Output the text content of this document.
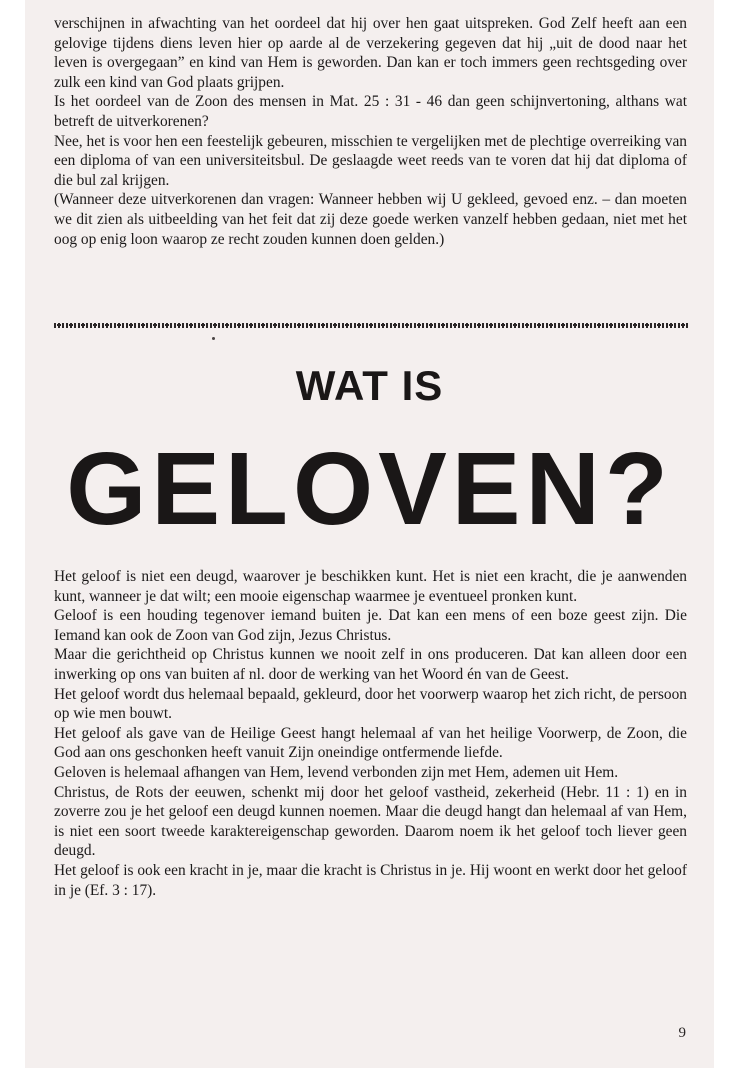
verschijnen in afwachting van het oordeel dat hij over hen gaat uitspreken. God Zelf heeft aan een gelovige tijdens diens leven hier op aarde al de verzekering gegeven dat hij „uit de dood naar het leven is overgegaan” en kind van Hem is geworden. Dan kan er toch immers geen rechtsgeding over zulk een kind van God plaats grijpen.

Is het oordeel van de Zoon des mensen in Mat. 25 : 31 - 46 dan geen schijnvertoning, althans wat betreft de uitverkorenen?

Nee, het is voor hen een feestelijk gebeuren, misschien te vergelijken met de plechtige overreiking van een diploma of van een universiteitsbul. De geslaagde weet reeds van te voren dat hij dat diploma of die bul zal krijgen.

(Wanneer deze uitverkorenen dan vragen: Wanneer hebben wij U gekleed, gevoed enz. – dan moeten we dit zien als uitbeelding van het feit dat zij deze goede werken vanzelf hebben gedaan, niet met het oog op enig loon waarop ze recht zouden kunnen doen gelden.)

WAT IS
GELOVEN?

Het geloof is niet een deugd, waarover je beschikken kunt. Het is niet een kracht, die je aanwenden kunt, wanneer je dat wilt; een mooie eigenschap waarmee je eventueel pronken kunt.

Geloof is een houding tegenover iemand buiten je. Dat kan een mens of een boze geest zijn. Die Iemand kan ook de Zoon van God zijn, Jezus Christus.

Maar die gerichtheid op Christus kunnen we nooit zelf in ons produceren. Dat kan alleen door een inwerking op ons van buiten af nl. door de werking van het Woord én van de Geest.

Het geloof wordt dus helemaal bepaald, gekleurd, door het voorwerp waarop het zich richt, de persoon op wie men bouwt.

Het geloof als gave van de Heilige Geest hangt helemaal af van het heilige Voorwerp, de Zoon, die God aan ons geschonken heeft vanuit Zijn oneindige ontfermende liefde.

Geloven is helemaal afhangen van Hem, levend verbonden zijn met Hem, ademen uit Hem.

Christus, de Rots der eeuwen, schenkt mij door het geloof vastheid, zekerheid (Hebr. 11 : 1) en in zoverre zou je het geloof een deugd kunnen noemen. Maar die deugd hangt dan helemaal af van Hem, is niet een soort tweede karaktereigenschap geworden. Daarom noem ik het geloof toch liever geen deugd.

Het geloof is ook een kracht in je, maar die kracht is Christus in je. Hij woont en werkt door het geloof in je (Ef. 3 : 17).

9
